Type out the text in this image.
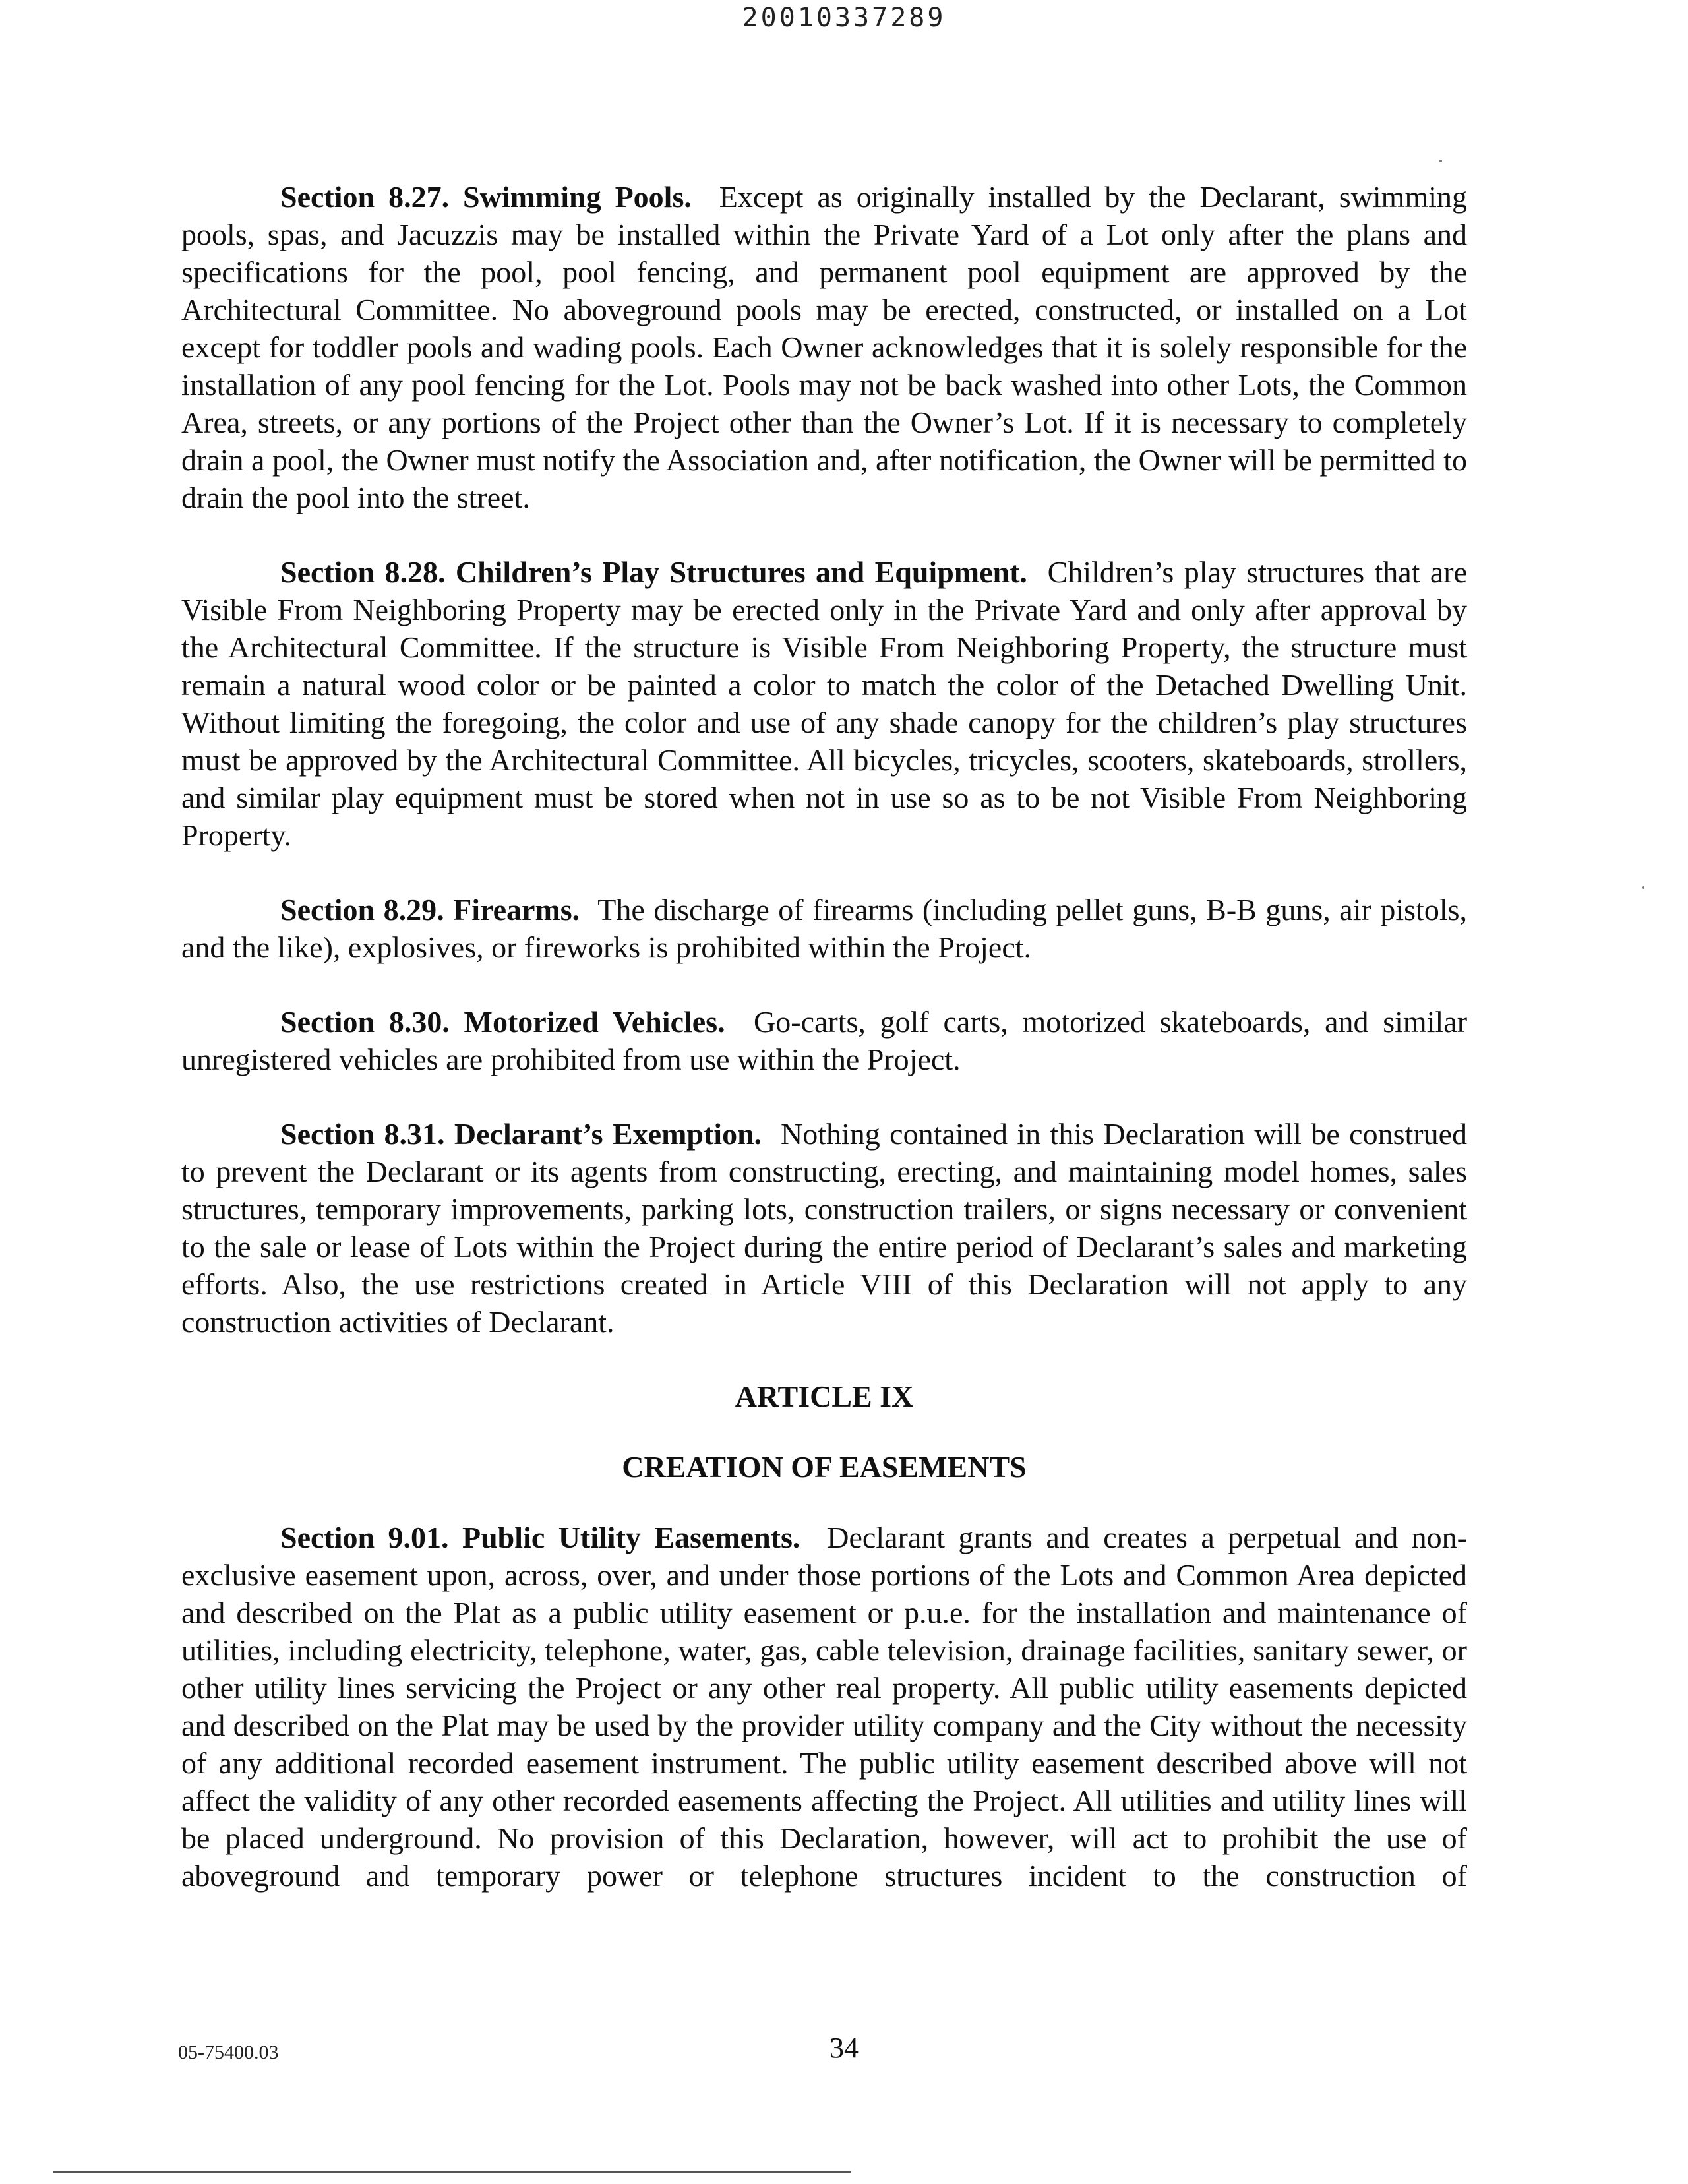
20010337289

Section 8.27. Swimming Pools. Except as originally installed by the Declarant, swimming pools, spas, and Jacuzzis may be installed within the Private Yard of a Lot only after the plans and specifications for the pool, pool fencing, and permanent pool equipment are approved by the Architectural Committee. No aboveground pools may be erected, constructed, or installed on a Lot except for toddler pools and wading pools. Each Owner acknowledges that it is solely responsible for the installation of any pool fencing for the Lot. Pools may not be back washed into other Lots, the Common Area, streets, or any portions of the Project other than the Owner’s Lot. If it is necessary to completely drain a pool, the Owner must notify the Association and, after notification, the Owner will be permitted to drain the pool into the street.

Section 8.28. Children’s Play Structures and Equipment. Children’s play structures that are Visible From Neighboring Property may be erected only in the Private Yard and only after approval by the Architectural Committee. If the structure is Visible From Neighboring Property, the structure must remain a natural wood color or be painted a color to match the color of the Detached Dwelling Unit. Without limiting the foregoing, the color and use of any shade canopy for the children’s play structures must be approved by the Architectural Committee. All bicycles, tricycles, scooters, skateboards, strollers, and similar play equipment must be stored when not in use so as to be not Visible From Neighboring Property.

Section 8.29. Firearms. The discharge of firearms (including pellet guns, B-B guns, air pistols, and the like), explosives, or fireworks is prohibited within the Project.

Section 8.30. Motorized Vehicles. Go-carts, golf carts, motorized skateboards, and similar unregistered vehicles are prohibited from use within the Project.

Section 8.31. Declarant’s Exemption. Nothing contained in this Declaration will be construed to prevent the Declarant or its agents from constructing, erecting, and maintaining model homes, sales structures, temporary improvements, parking lots, construction trailers, or signs necessary or convenient to the sale or lease of Lots within the Project during the entire period of Declarant’s sales and marketing efforts. Also, the use restrictions created in Article VIII of this Declaration will not apply to any construction activities of Declarant.

ARTICLE IX
CREATION OF EASEMENTS

Section 9.01. Public Utility Easements. Declarant grants and creates a perpetual and non-exclusive easement upon, across, over, and under those portions of the Lots and Common Area depicted and described on the Plat as a public utility easement or p.u.e. for the installation and maintenance of utilities, including electricity, telephone, water, gas, cable television, drainage facilities, sanitary sewer, or other utility lines servicing the Project or any other real property. All public utility easements depicted and described on the Plat may be used by the provider utility company and the City without the necessity of any additional recorded easement instrument. The public utility easement described above will not affect the validity of any other recorded easements affecting the Project. All utilities and utility lines will be placed underground. No provision of this Declaration, however, will act to prohibit the use of aboveground and temporary power or telephone structures incident to the construction of

05-75400.03	34
